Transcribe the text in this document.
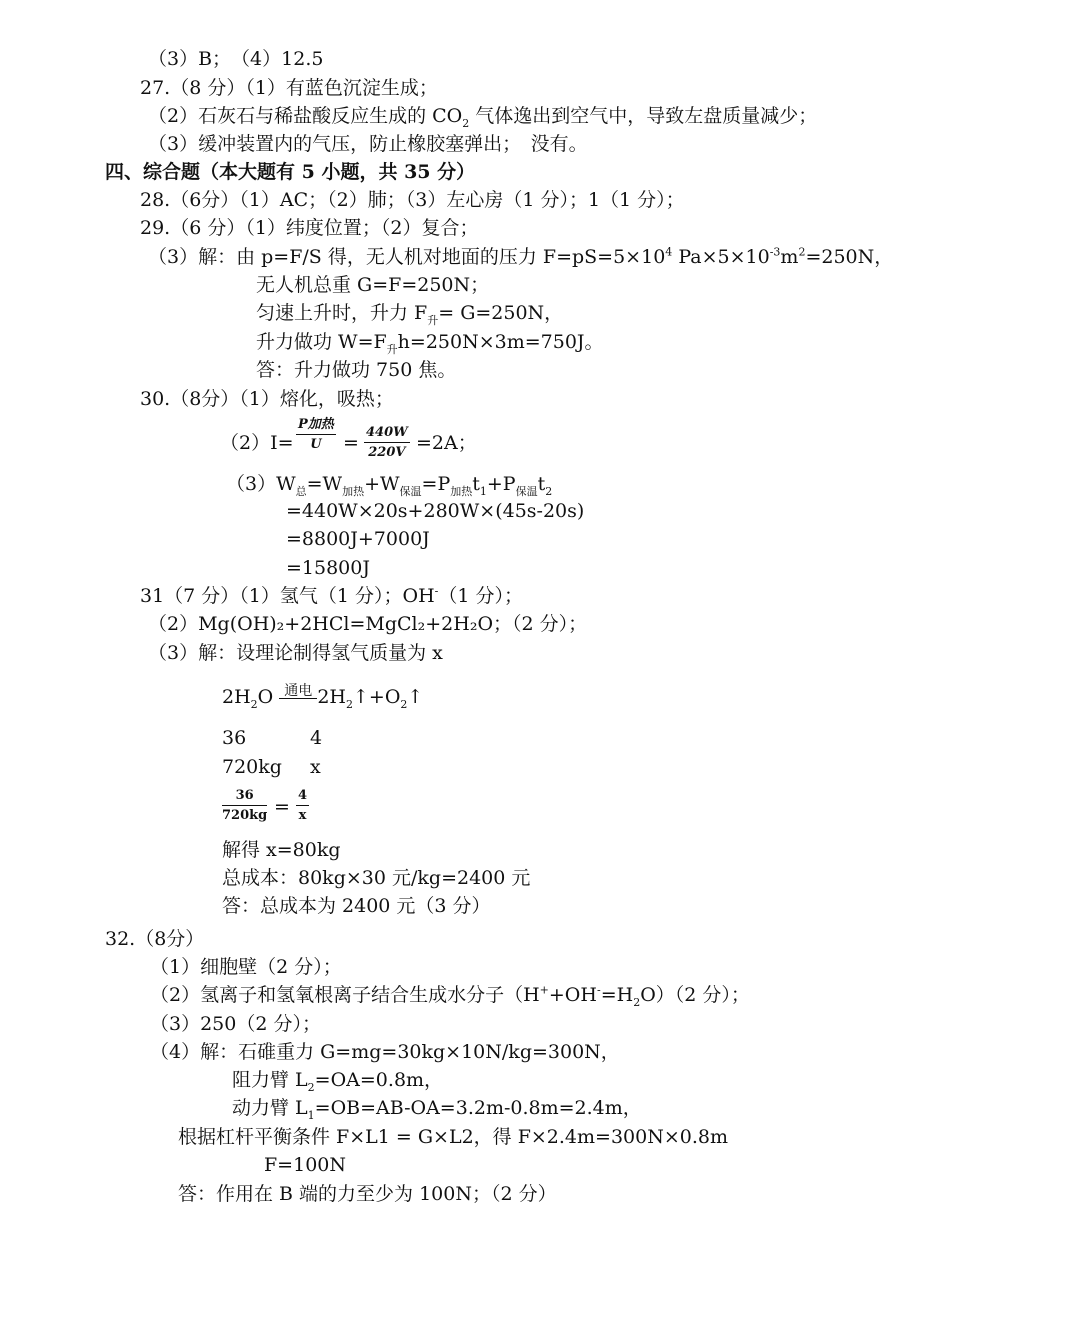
（3）B；　（4）12.5
27.（8 分）（1）有蓝色沉淀生成；
（2）石灰石与稀盐酸反应生成的 $CO_2$ 气体逸出到空气中，导致左盘质量减少；
（3）缓冲装置内的气压，防止橡胶塞弹出；　没有。
四、综合题（本大题有 5 小题，共 35 分）
28.（6分）（1）AC；（2）肺；（3）左心房（1 分）；1（1 分）；
29.（6 分）（1）纬度位置；（2）复合；
（3）解：由 p=F/S 得，无人机对地面的压力 $F=pS=5\times 10^4$ $Pa\times 5\times 10^{-3}m^2=250N$，
无人机总重 G=F=250N；
匀速上升时，升力 $F_升= G=250N$，
升力做功 $W=F_升h=250N\times 3m=750J$。
答：升力做功 750 焦。
30.（8分）（1）熔化，吸热；
（2）I=
P加热
U	= $\frac{440W}{220V} =2A$；
$(3)W_总=W_{加热}+W_{保温}=P_{加热}t_1+P_{保温}t_2$
=440W×20s+280W×(45s-20s)
=8800J+7000J
=15800J
31（7 分）（1）氢气（1 分）；OH-（1 分）；
（2）Mg(OH)₂+2HCl=MgCl₂+2H₂O；（2 分）；
（3）解：设理论制得氢气质量为 x
$2H_2O$ 通电 $2H_2↑+O_2↑$
36	4
720kg x
$\frac{36}{720kg} = \frac{4}{x}$
解得 x=80kg
总成本：80kg×30 元/kg=2400 元
答：总成本为 2400 元（3 分）
32.（8分）
（1）细胞壁（2 分）；
（2）氢离子和氢氧根离子结合生成水分子$(H^++OH^-=H_2O)(2$ 分）；
（3）250（2 分）；
（4）解：石碓重力 G=mg=30kg×10N/kg=300N，
阻力臂 $L_2=OA=0.8m$，
动力臂 $L_1=OB=AB-OA=3.2m-0.8m=2.4m$，
根据杠杆平衡条件 F×L1 = G×L2，得 F×2.4m=300N×0.8m
F=100N
答：作用在 B 端的力至少为 100N；（2 分）
